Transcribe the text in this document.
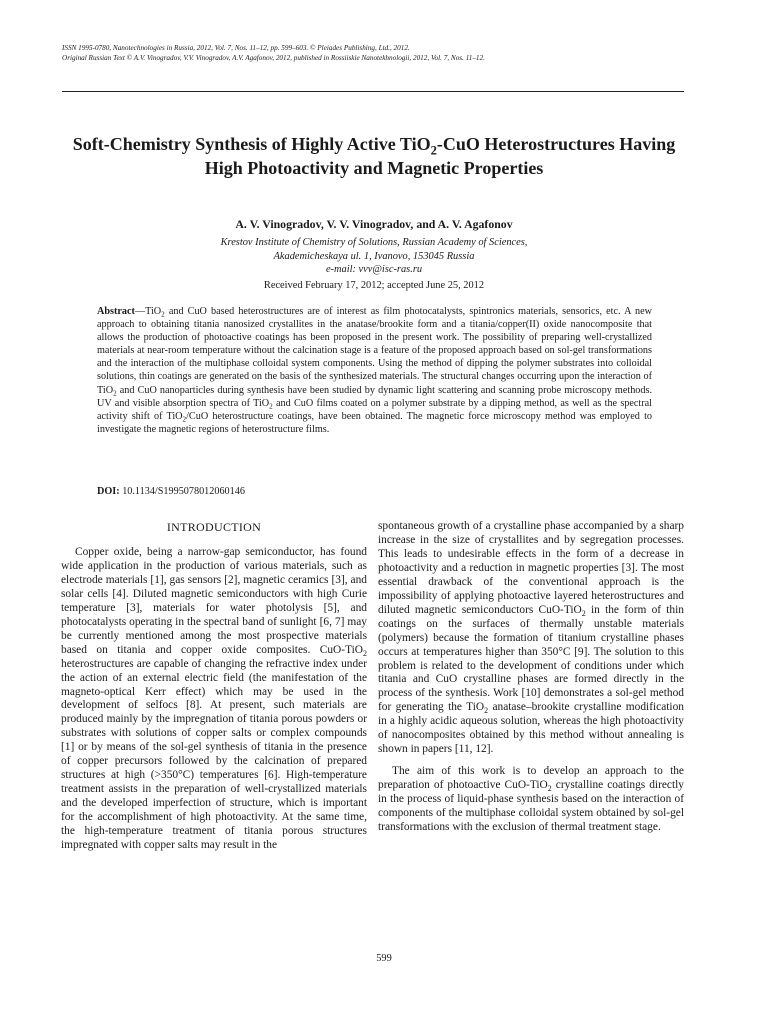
ISSN 1995-0780, Nanotechnologies in Russia, 2012, Vol. 7, Nos. 11–12, pp. 599–603. © Pleiades Publishing, Ltd., 2012.
Original Russian Text © A.V. Vinogradov, V.V. Vinogradov, A.V. Agafonov, 2012, published in Rossiiskie Nanotekhnologii, 2012, Vol. 7, Nos. 11–12.
Soft-Chemistry Synthesis of Highly Active TiO$_2$-CuO Heterostructures Having High Photoactivity and Magnetic Properties
A. V. Vinogradov, V. V. Vinogradov, and A. V. Agafonov
Krestov Institute of Chemistry of Solutions, Russian Academy of Sciences,
Akademicheskaya ul. 1, Ivanovo, 153045 Russia
e-mail: vvv@isc-ras.ru
Received February 17, 2012; accepted June 25, 2012
Abstract—TiO$_2$ and CuO based heterostructures are of interest as film photocatalysts, spintronics materials, sensorics, etc. A new approach to obtaining titania nanosized crystallites in the anatase/brookite form and a titania/copper(II) oxide nanocomposite that allows the production of photoactive coatings has been proposed in the present work. The possibility of preparing well-crystallized materials at near-room temperature without the calcination stage is a feature of the proposed approach based on sol-gel transformations and the interaction of the multiphase colloidal system components. Using the method of dipping the polymer substrates into colloidal solutions, thin coatings are generated on the basis of the synthesized materials. The structural changes occurring upon the interaction of TiO$_2$ and CuO nanoparticles during synthesis have been studied by dynamic light scattering and scanning probe microscopy methods. UV and visible absorption spectra of TiO$_2$ and CuO films coated on a polymer substrate by a dipping method, as well as the spectral activity shift of TiO$_2$/CuO heterostructure coatings, have been obtained. The magnetic force microscopy method was employed to investigate the magnetic regions of heterostructure films.
DOI: 10.1134/S1995078012060146
INTRODUCTION

Copper oxide, being a narrow-gap semiconductor, has found wide application in the production of various materials, such as electrode materials [1], gas sensors [2], magnetic ceramics [3], and solar cells [4]. Diluted magnetic semiconductors with high Curie temperature [3], materials for water photolysis [5], and photocatalysts operating in the spectral band of sunlight [6, 7] may be currently mentioned among the most prospective materials based on titania and copper oxide composites. CuO-TiO$_2$ heterostructures are capable of changing the refractive index under the action of an external electric field (the manifestation of the magneto-optical Kerr effect) which may be used in the development of selfocs [8]. At present, such materials are produced mainly by the impregnation of titania porous powders or substrates with solutions of copper salts or complex compounds [1] or by means of the sol-gel synthesis of titania in the presence of copper precursors followed by the calcination of prepared structures at high (>350°C) temperatures [6]. High-temperature treatment assists in the preparation of well-crystallized materials and the developed imperfection of structure, which is important for the accomplishment of high photoactivity. At the same time, the high-temperature treatment of titania porous structures impregnated with copper salts may result in the

spontaneous growth of a crystalline phase accompanied by a sharp increase in the size of crystallites and by segregation processes. This leads to undesirable effects in the form of a decrease in photoactivity and a reduction in magnetic properties [3]. The most essential drawback of the conventional approach is the impossibility of applying photoactive layered heterostructures and diluted magnetic semiconductors CuO-TiO$_2$ in the form of thin coatings on the surfaces of thermally unstable materials (polymers) because the formation of titanium crystalline phases occurs at temperatures higher than 350°C [9]. The solution to this problem is related to the development of conditions under which titania and CuO crystalline phases are formed directly in the process of the synthesis. Work [10] demonstrates a sol-gel method for generating the TiO$_2$ anatase–brookite crystalline modification in a highly acidic aqueous solution, whereas the high photoactivity of nanocomposites obtained by this method without annealing is shown in papers [11, 12].

The aim of this work is to develop an approach to the preparation of photoactive CuO-TiO$_2$ crystalline coatings directly in the process of liquid-phase synthesis based on the interaction of components of the multiphase colloidal system obtained by sol-gel transformations with the exclusion of thermal treatment stage.

599
